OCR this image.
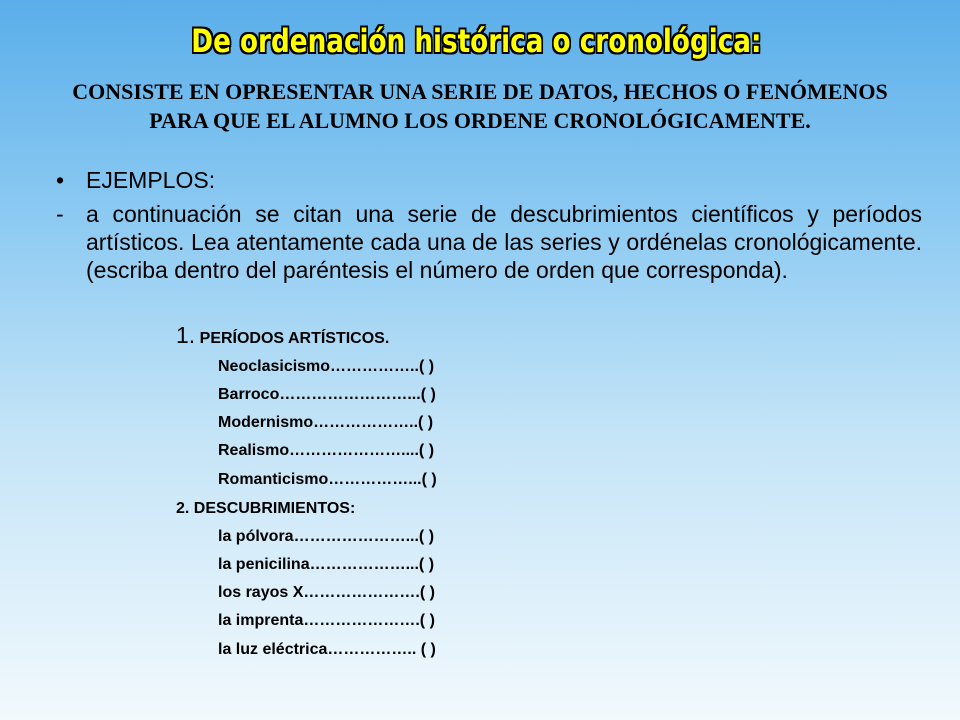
De ordenación histórica o cronológica:

CONSISTE EN OPRESENTAR UNA SERIE DE DATOS, HECHOS O FENÓMENOS PARA QUE EL ALUMNO LOS ORDENE CRONOLÓGICAMENTE.

• EJEMPLOS:
- a continuación se citan una serie de descubrimientos científicos y períodos artísticos. Lea atentamente cada una de las series y ordénelas cronológicamente. (escriba dentro del paréntesis el número de orden que corresponda).
1. PERÍODOS ARTÍSTICOS.
Neoclasicismo……………..( )
Barroco……………………...( )
Modernismo………………..( )
Realismo…………………....( )
Romanticismo……………...( )
2. DESCUBRIMIENTOS:
la pólvora…………………...( )
la penicilina………………...( )
los rayos X………………….( )
la imprenta………………….( )
la luz eléctrica…………….. ( )
